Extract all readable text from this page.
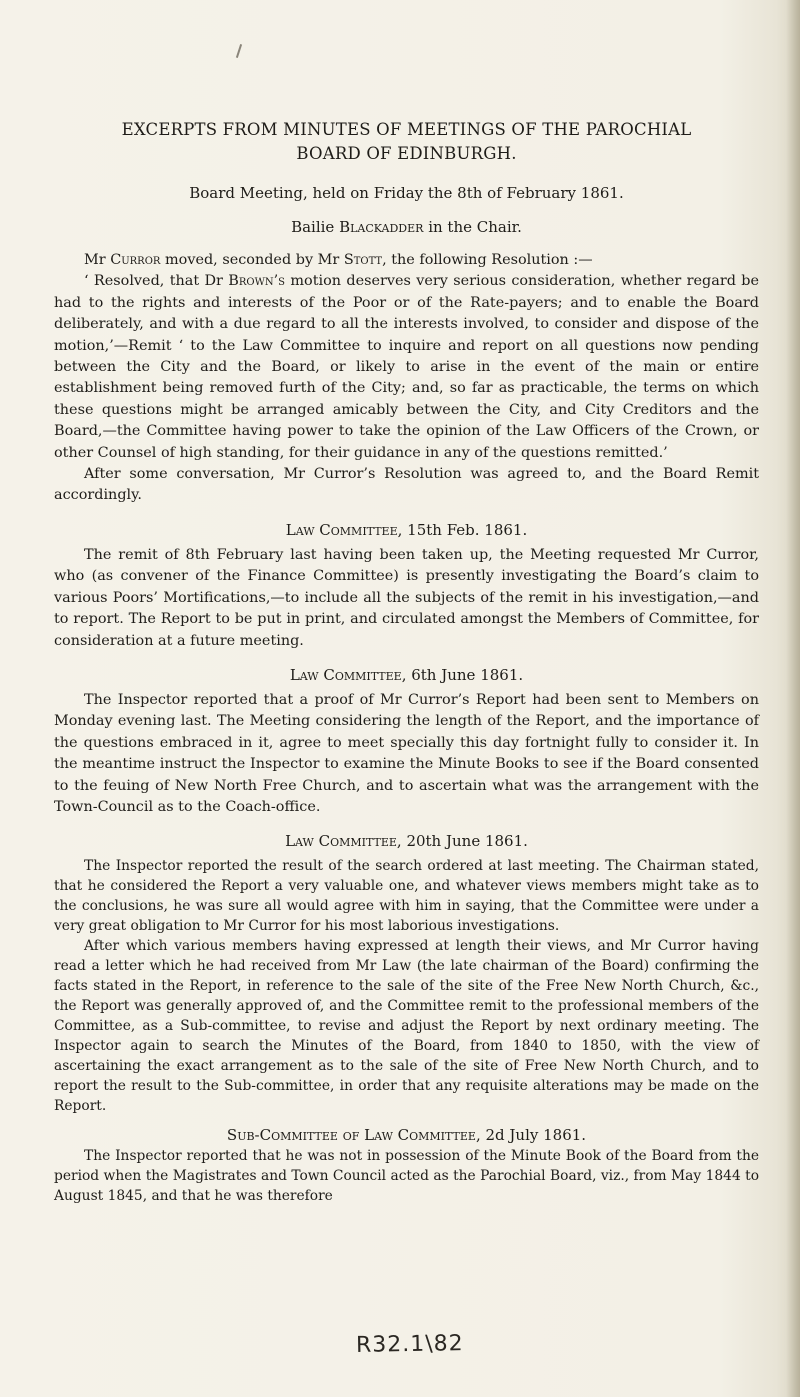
EXCERPTS FROM MINUTES OF MEETINGS OF THE PAROCHIAL
BOARD OF EDINBURGH.

Board Meeting, held on Friday the 8th of February 1861.

Bailie Blackadder in the Chair.

Mr Curror moved, seconded by Mr Stott, the following Resolution :—

‘ Resolved, that Dr Brown’s motion deserves very serious consideration, whether regard be had to the rights and interests of the Poor or of the Rate-payers; and to enable the Board deliberately, and with a due regard to all the interests involved, to consider and dispose of the motion,’—Remit ‘ to the Law Committee to inquire and report on all questions now pending between the City and the Board, or likely to arise in the event of the main or entire establishment being removed furth of the City; and, so far as practicable, the terms on which these questions might be arranged amicably between the City, and City Creditors and the Board,—the Committee having power to take the opinion of the Law Officers of the Crown, or other Counsel of high standing, for their guidance in any of the questions remitted.’

After some conversation, Mr Curror’s Resolution was agreed to, and the Board Remit accordingly.

Law Committee, 15th Feb. 1861.

The remit of 8th February last having been taken up, the Meeting requested Mr Curror, who (as convener of the Finance Committee) is presently investigating the Board’s claim to various Poors’ Mortifications,—to include all the subjects of the remit in his investigation,—and to report. The Report to be put in print, and circulated amongst the Members of Committee, for consideration at a future meeting.

Law Committee, 6th June 1861.

The Inspector reported that a proof of Mr Curror’s Report had been sent to Members on Monday evening last. The Meeting considering the length of the Report, and the importance of the questions embraced in it, agree to meet specially this day fortnight fully to consider it. In the meantime instruct the Inspector to examine the Minute Books to see if the Board consented to the feuing of New North Free Church, and to ascertain what was the arrangement with the Town-Council as to the Coach-office.

Law Committee, 20th June 1861.

The Inspector reported the result of the search ordered at last meeting. The Chairman stated, that he considered the Report a very valuable one, and whatever views members might take as to the conclusions, he was sure all would agree with him in saying, that the Committee were under a very great obligation to Mr Curror for his most laborious investigations.

After which various members having expressed at length their views, and Mr Curror having read a letter which he had received from Mr Law (the late chairman of the Board) confirming the facts stated in the Report, in reference to the sale of the site of the Free New North Church, &c., the Report was generally approved of, and the Committee remit to the professional members of the Committee, as a Sub-committee, to revise and adjust the Report by next ordinary meeting. The Inspector again to search the Minutes of the Board, from 1840 to 1850, with the view of ascertaining the exact arrangement as to the sale of the site of Free New North Church, and to report the result to the Sub-committee, in order that any requisite alterations may be made on the Report.

Sub-Committee of Law Committee, 2d July 1861.

The Inspector reported that he was not in possession of the Minute Book of the Board from the period when the Magistrates and Town Council acted as the Parochial Board, viz., from May 1844 to August 1845, and that he was therefore

R32.1\82
